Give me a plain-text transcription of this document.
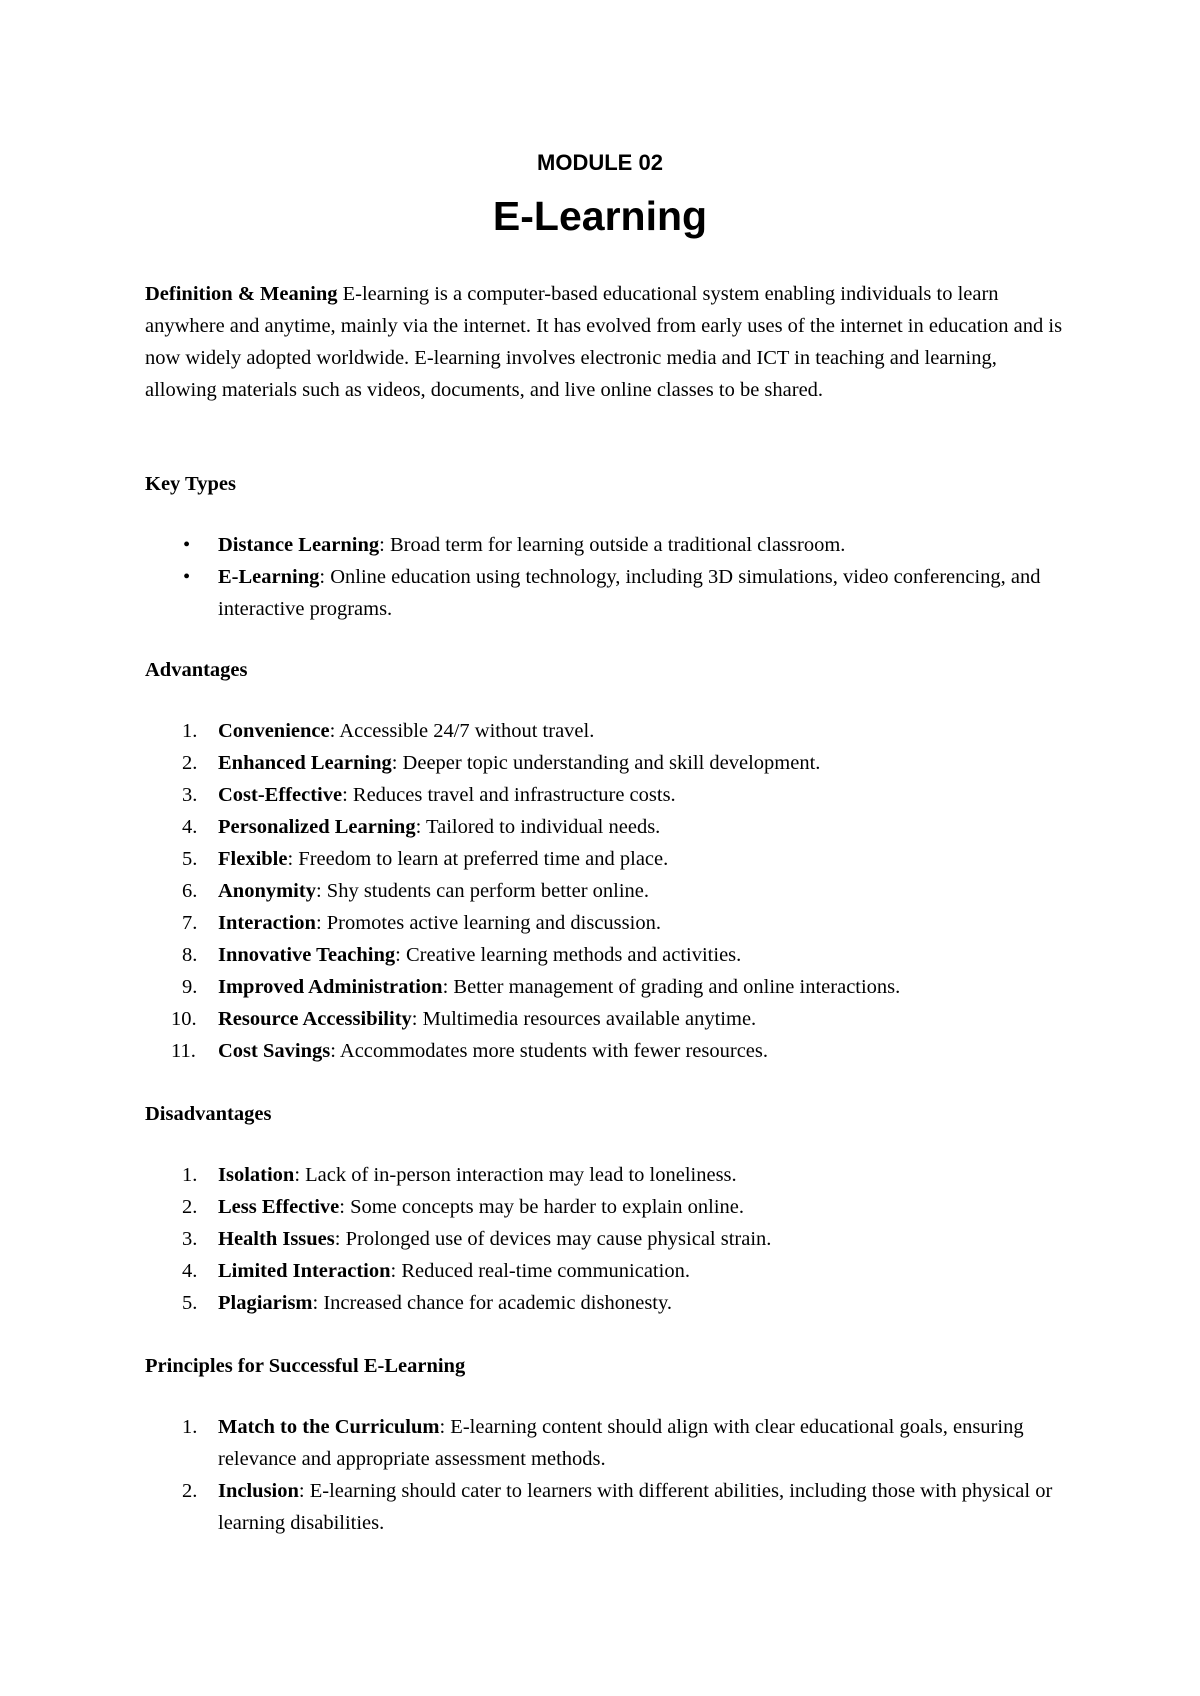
MODULE 02
E-Learning

Definition & Meaning E-learning is a computer-based educational system enabling individuals to learn anywhere and anytime, mainly via the internet. It has evolved from early uses of the internet in education and is now widely adopted worldwide. E-learning involves electronic media and ICT in teaching and learning, allowing materials such as videos, documents, and live online classes to be shared.

Key Types
• Distance Learning: Broad term for learning outside a traditional classroom.
• E-Learning: Online education using technology, including 3D simulations, video conferencing, and interactive programs.
Advantages
1. Convenience: Accessible 24/7 without travel.
2. Enhanced Learning: Deeper topic understanding and skill development.
3. Cost-Effective: Reduces travel and infrastructure costs.
4. Personalized Learning: Tailored to individual needs.
5. Flexible: Freedom to learn at preferred time and place.
6. Anonymity: Shy students can perform better online.
7. Interaction: Promotes active learning and discussion.
8. Innovative Teaching: Creative learning methods and activities.
9. Improved Administration: Better management of grading and online interactions.
10. Resource Accessibility: Multimedia resources available anytime.
11. Cost Savings: Accommodates more students with fewer resources.
Disadvantages
1. Isolation: Lack of in-person interaction may lead to loneliness.
2. Less Effective: Some concepts may be harder to explain online.
3. Health Issues: Prolonged use of devices may cause physical strain.
4. Limited Interaction: Reduced real-time communication.
5. Plagiarism: Increased chance for academic dishonesty.
Principles for Successful E-Learning
1. Match to the Curriculum: E-learning content should align with clear educational goals, ensuring relevance and appropriate assessment methods.
2. Inclusion: E-learning should cater to learners with different abilities, including those with physical or learning disabilities.
